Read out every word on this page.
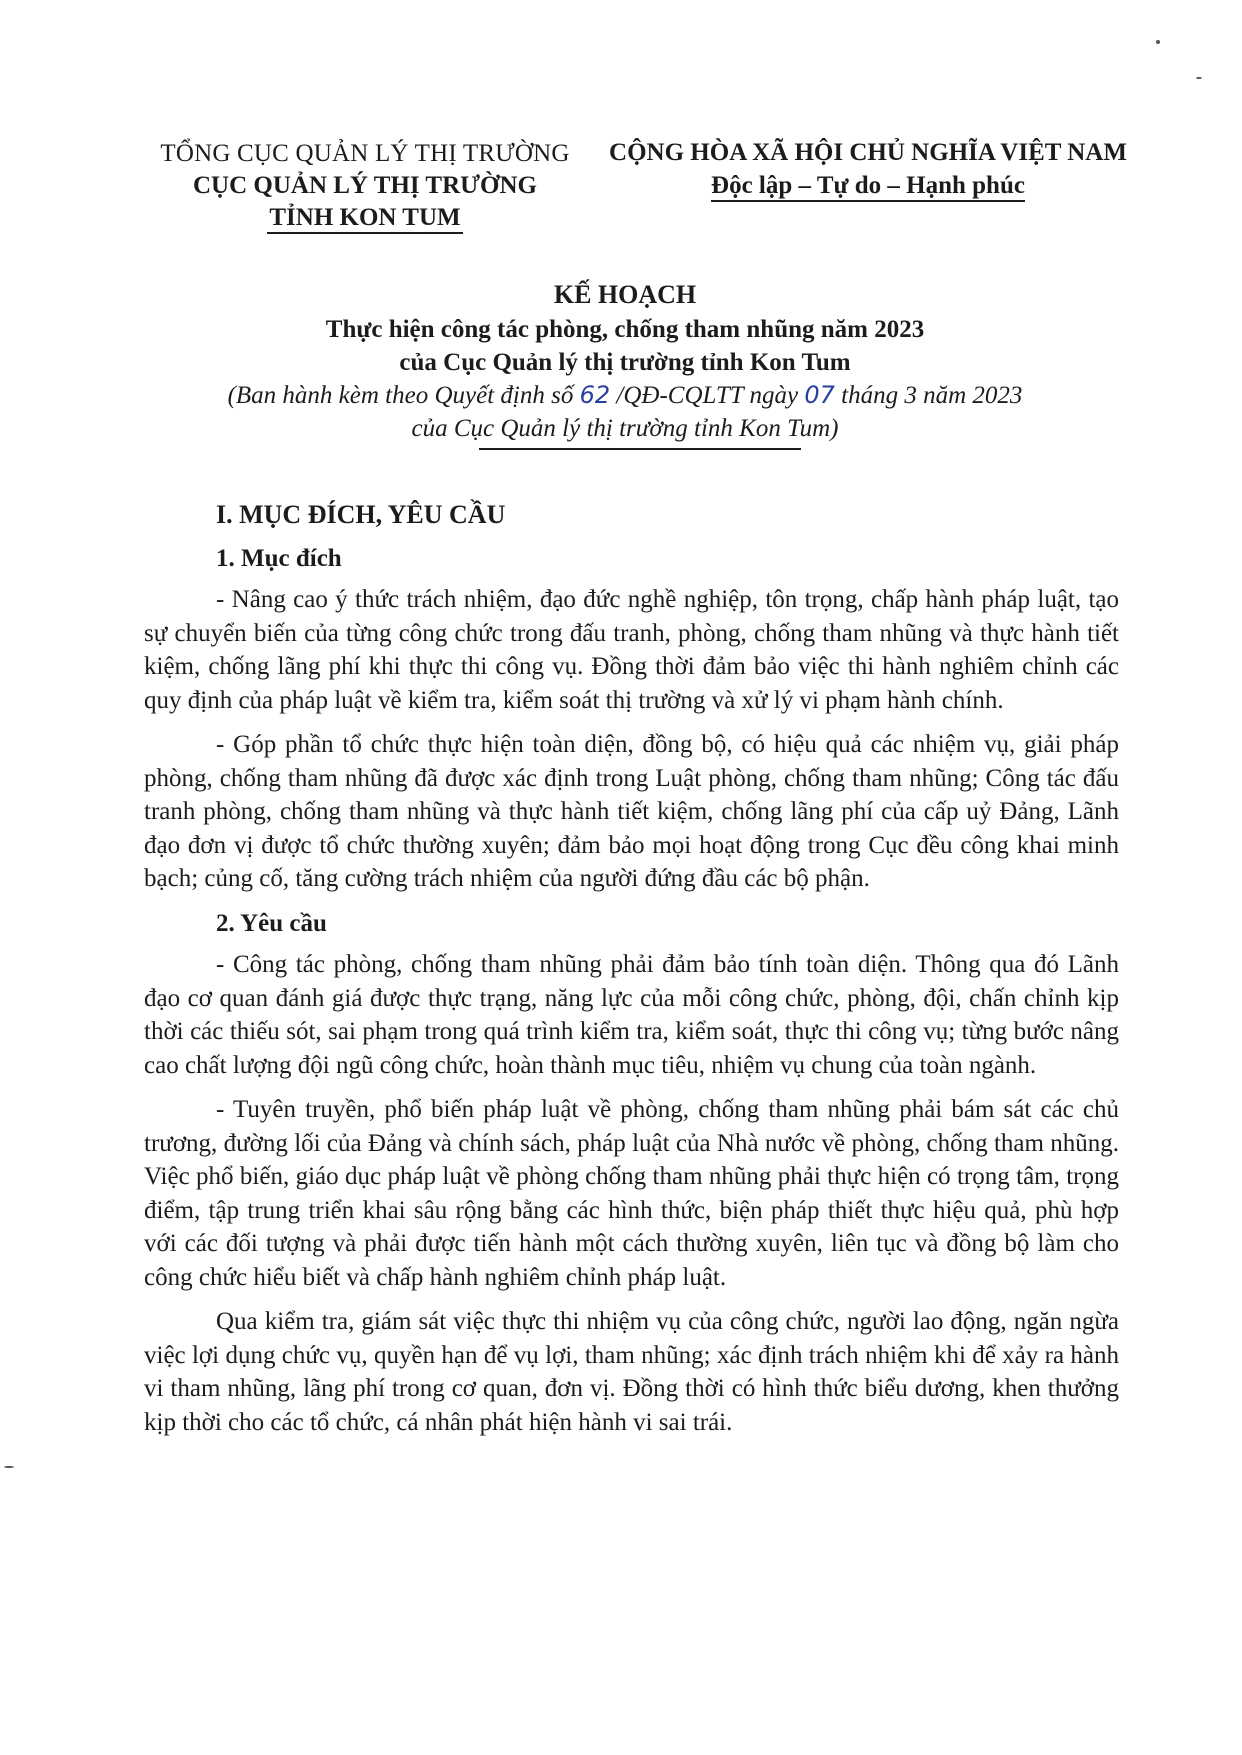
TỔNG CỤC QUẢN LÝ THỊ TRƯỜNG
CỤC QUẢN LÝ THỊ TRƯỜNG
TỈNH KON TUM
CỘNG HÒA XÃ HỘI CHỦ NGHĨA VIỆT NAM
Độc lập – Tự do – Hạnh phúc
KẾ HOẠCH
Thực hiện công tác phòng, chống tham nhũng năm 2023
của Cục Quản lý thị trường tỉnh Kon Tum
(Ban hành kèm theo Quyết định số 62 /QĐ-CQLTT ngày 07 tháng 3 năm 2023
của Cục Quản lý thị trường tỉnh Kon Tum)
I. MỤC ĐÍCH, YÊU CẦU
1. Mục đích

- Nâng cao ý thức trách nhiệm, đạo đức nghề nghiệp, tôn trọng, chấp hành pháp luật, tạo sự chuyển biến của từng công chức trong đấu tranh, phòng, chống tham nhũng và thực hành tiết kiệm, chống lãng phí khi thực thi công vụ. Đồng thời đảm bảo việc thi hành nghiêm chỉnh các quy định của pháp luật về kiểm tra, kiểm soát thị trường và xử lý vi phạm hành chính.

- Góp phần tổ chức thực hiện toàn diện, đồng bộ, có hiệu quả các nhiệm vụ, giải pháp phòng, chống tham nhũng đã được xác định trong Luật phòng, chống tham nhũng; Công tác đấu tranh phòng, chống tham nhũng và thực hành tiết kiệm, chống lãng phí của cấp uỷ Đảng, Lãnh đạo đơn vị được tổ chức thường xuyên; đảm bảo mọi hoạt động trong Cục đều công khai minh bạch; củng cố, tăng cường trách nhiệm của người đứng đầu các bộ phận.

2. Yêu cầu

- Công tác phòng, chống tham nhũng phải đảm bảo tính toàn diện. Thông qua đó Lãnh đạo cơ quan đánh giá được thực trạng, năng lực của mỗi công chức, phòng, đội, chấn chỉnh kịp thời các thiếu sót, sai phạm trong quá trình kiểm tra, kiểm soát, thực thi công vụ; từng bước nâng cao chất lượng đội ngũ công chức, hoàn thành mục tiêu, nhiệm vụ chung của toàn ngành.

- Tuyên truyền, phổ biến pháp luật về phòng, chống tham nhũng phải bám sát các chủ trương, đường lối của Đảng và chính sách, pháp luật của Nhà nước về phòng, chống tham nhũng. Việc phổ biến, giáo dục pháp luật về phòng chống tham nhũng phải thực hiện có trọng tâm, trọng điểm, tập trung triển khai sâu rộng bằng các hình thức, biện pháp thiết thực hiệu quả, phù hợp với các đối tượng và phải được tiến hành một cách thường xuyên, liên tục và đồng bộ làm cho công chức hiểu biết và chấp hành nghiêm chỉnh pháp luật.

Qua kiểm tra, giám sát việc thực thi nhiệm vụ của công chức, người lao động, ngăn ngừa việc lợi dụng chức vụ, quyền hạn để vụ lợi, tham nhũng; xác định trách nhiệm khi để xảy ra hành vi tham nhũng, lãng phí trong cơ quan, đơn vị. Đồng thời có hình thức biểu dương, khen thưởng kịp thời cho các tổ chức, cá nhân phát hiện hành vi sai trái.
